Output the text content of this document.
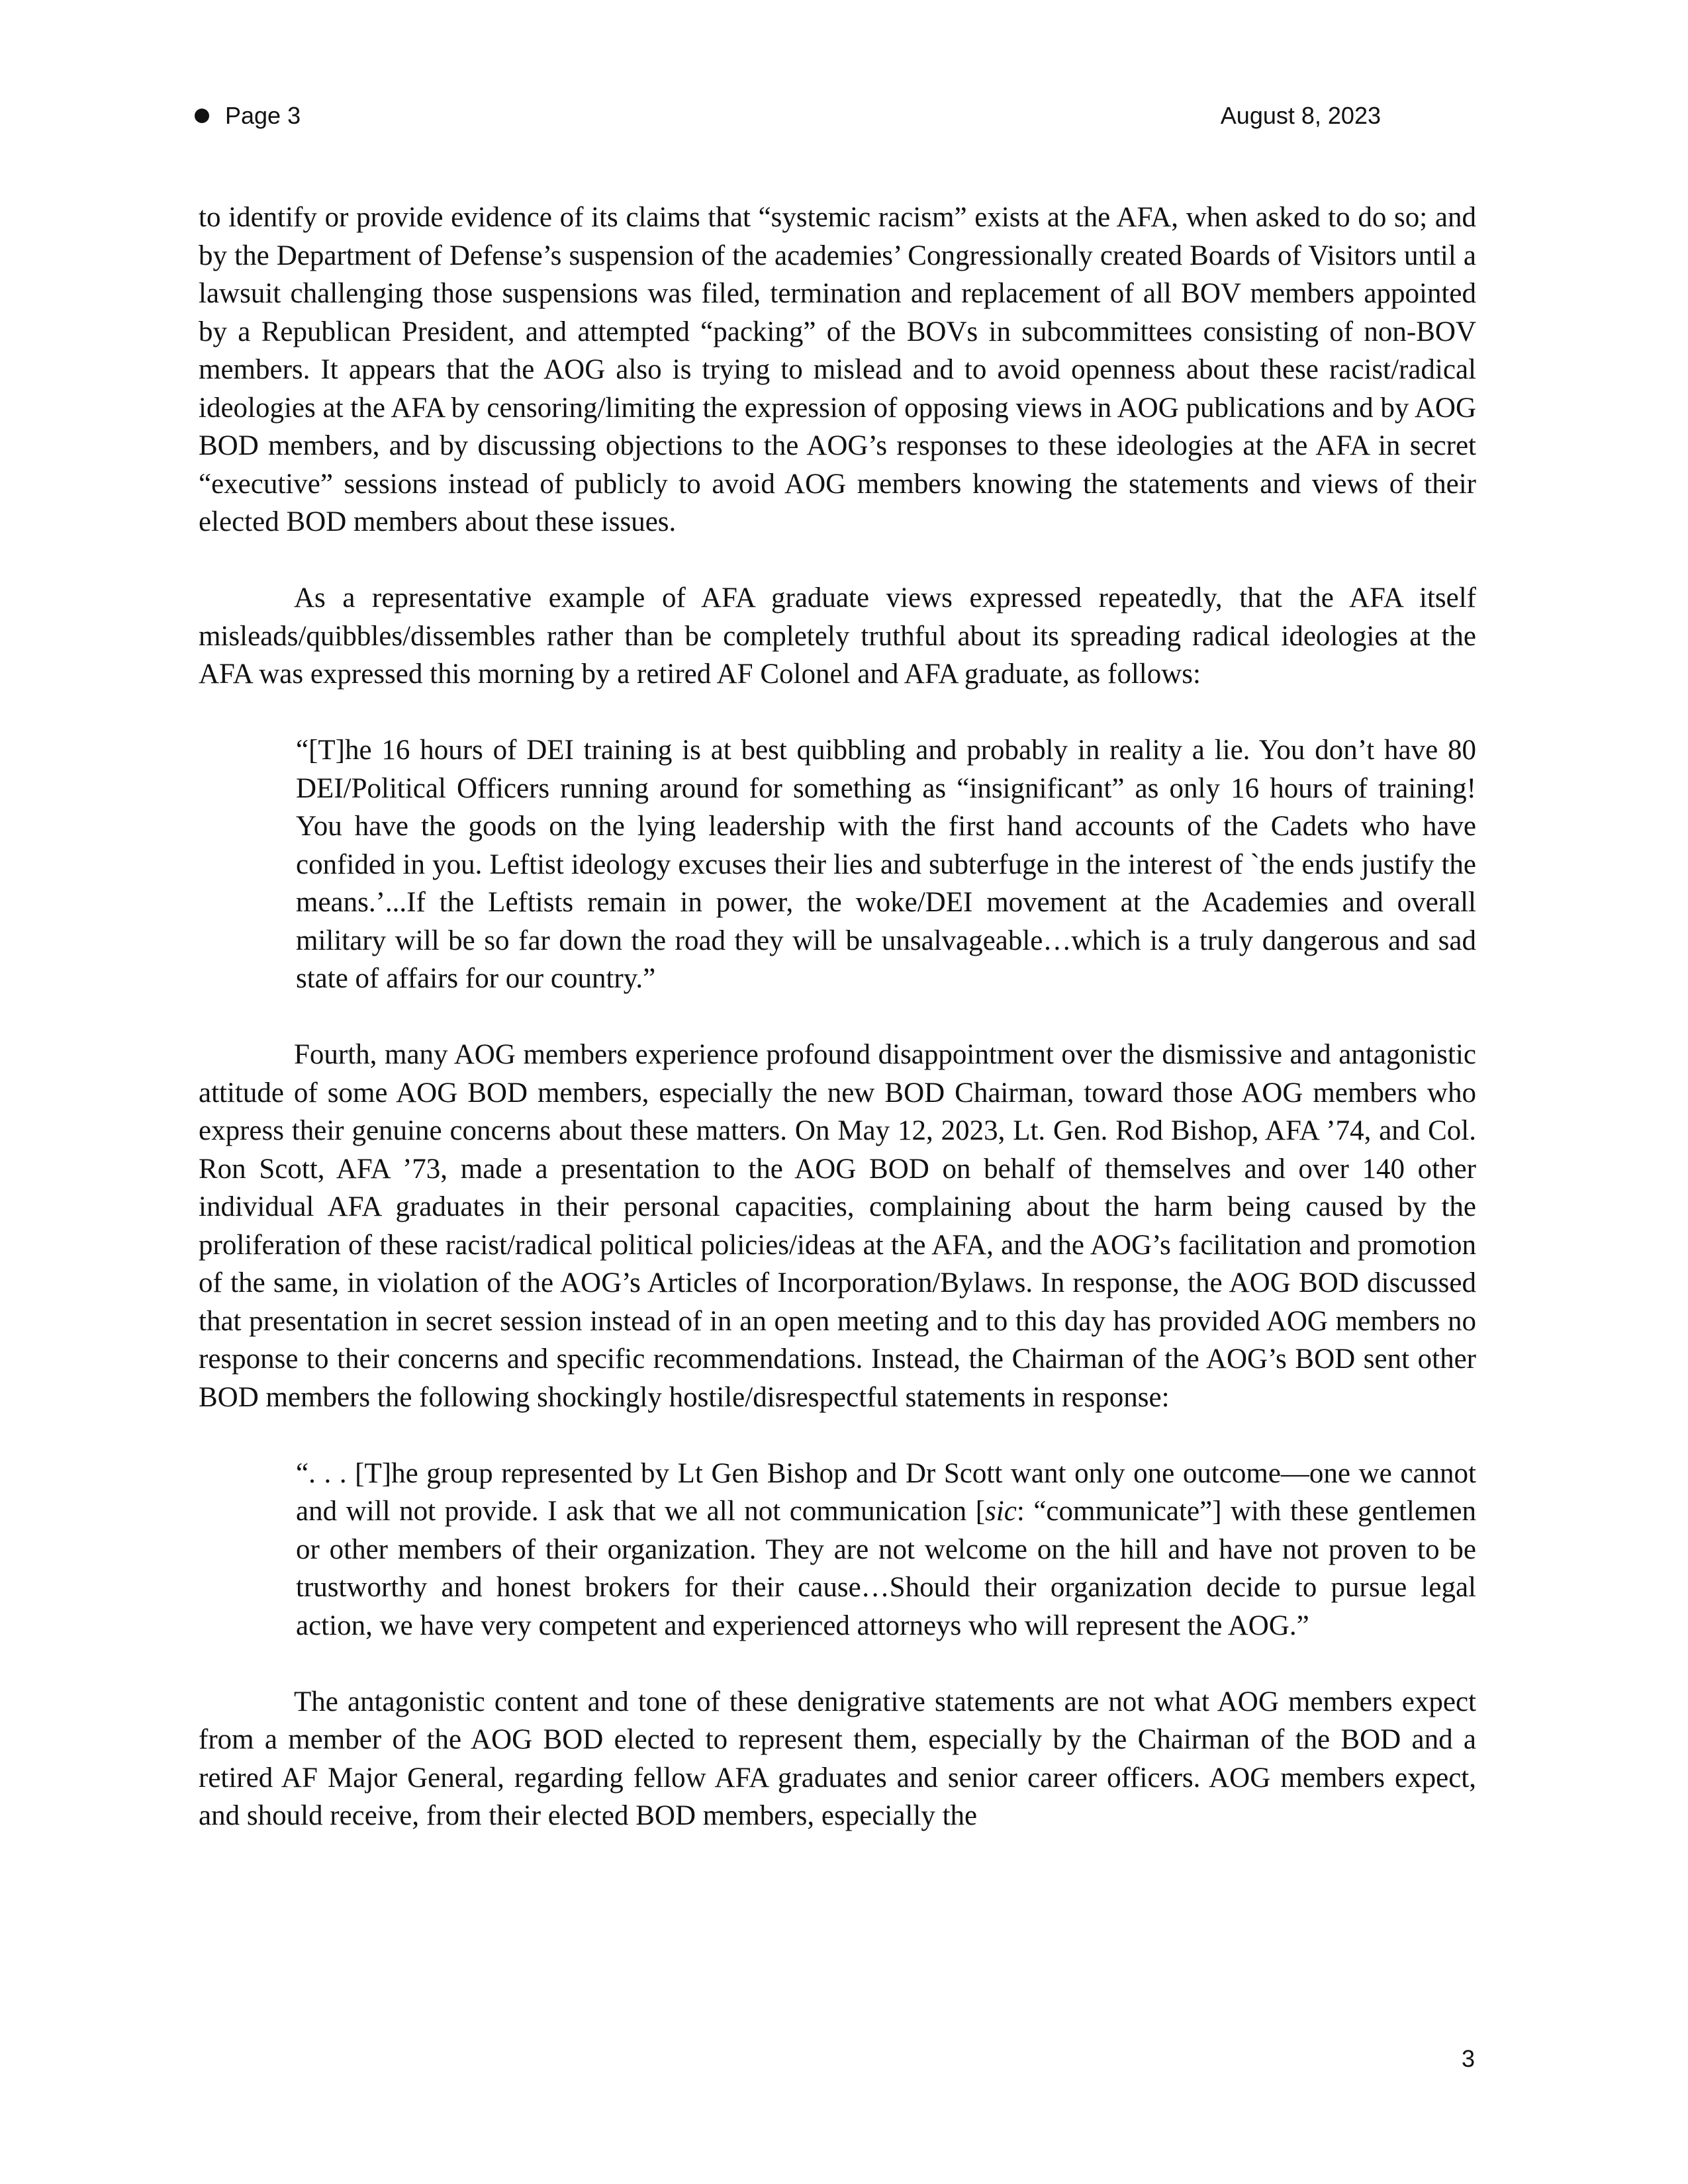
Page 3	August 8, 2023

to identify or provide evidence of its claims that “systemic racism” exists at the AFA, when asked to do so; and by the Department of Defense’s suspension of the academies’ Congressionally created Boards of Visitors until a lawsuit challenging those suspensions was filed, termination and replacement of all BOV members appointed by a Republican President, and attempted “packing” of the BOVs in subcommittees consisting of non-BOV members. It appears that the AOG also is trying to mislead and to avoid openness about these racist/radical ideologies at the AFA by censoring/limiting the expression of opposing views in AOG publications and by AOG BOD members, and by discussing objections to the AOG’s responses to these ideologies at the AFA in secret “executive” sessions instead of publicly to avoid AOG members knowing the statements and views of their elected BOD members about these issues.

As a representative example of AFA graduate views expressed repeatedly, that the AFA itself misleads/quibbles/dissembles rather than be completely truthful about its spreading radical ideologies at the AFA was expressed this morning by a retired AF Colonel and AFA graduate, as follows:

“[T]he 16 hours of DEI training is at best quibbling and probably in reality a lie. You don’t have 80 DEI/Political Officers running around for something as “insignificant” as only 16 hours of training! You have the goods on the lying leadership with the first hand accounts of the Cadets who have confided in you. Leftist ideology excuses their lies and subterfuge in the interest of `the ends justify the means.’...If the Leftists remain in power, the woke/DEI movement at the Academies and overall military will be so far down the road they will be unsalvageable…which is a truly dangerous and sad state of affairs for our country.”

Fourth, many AOG members experience profound disappointment over the dismissive and antagonistic attitude of some AOG BOD members, especially the new BOD Chairman, toward those AOG members who express their genuine concerns about these matters. On May 12, 2023, Lt. Gen. Rod Bishop, AFA ’74, and Col. Ron Scott, AFA ’73, made a presentation to the AOG BOD on behalf of themselves and over 140 other individual AFA graduates in their personal capacities, complaining about the harm being caused by the proliferation of these racist/radical political policies/ideas at the AFA, and the AOG’s facilitation and promotion of the same, in violation of the AOG’s Articles of Incorporation/Bylaws. In response, the AOG BOD discussed that presentation in secret session instead of in an open meeting and to this day has provided AOG members no response to their concerns and specific recommendations. Instead, the Chairman of the AOG’s BOD sent other BOD members the following shockingly hostile/disrespectful statements in response:

“. . . [T]he group represented by Lt Gen Bishop and Dr Scott want only one outcome—one we cannot and will not provide. I ask that we all not communication [sic: “communicate”] with these gentlemen or other members of their organization. They are not welcome on the hill and have not proven to be trustworthy and honest brokers for their cause…Should their organization decide to pursue legal action, we have very competent and experienced attorneys who will represent the AOG.”

The antagonistic content and tone of these denigrative statements are not what AOG members expect from a member of the AOG BOD elected to represent them, especially by the Chairman of the BOD and a retired AF Major General, regarding fellow AFA graduates and senior career officers. AOG members expect, and should receive, from their elected BOD members, especially the

3
